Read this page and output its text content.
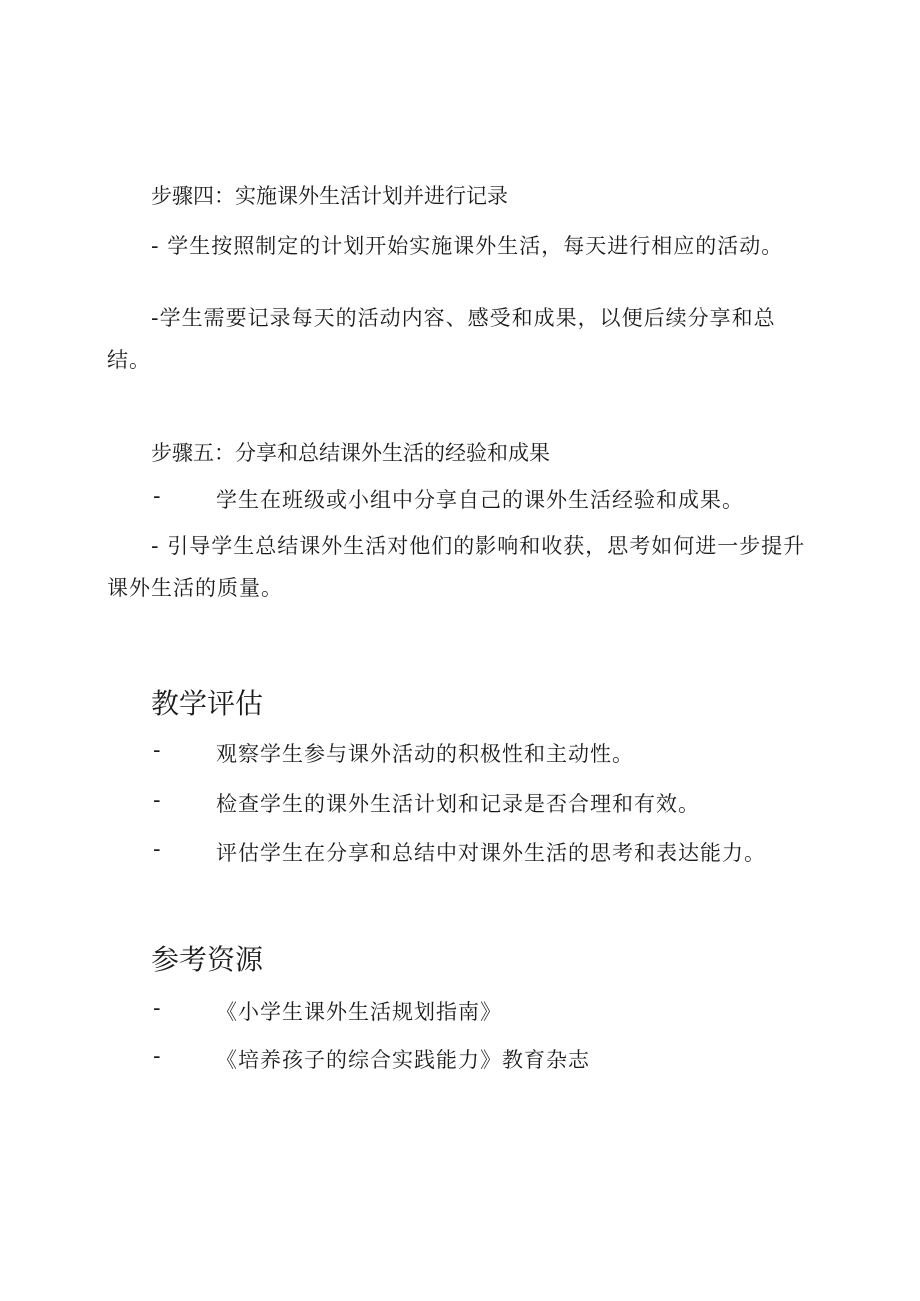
步骤四：实施课外生活计划并进行记录
- 学生按照制定的计划开始实施课外生活，每天进行相应的活动。
-学生需要记录每天的活动内容、感受和成果，以便后续分享和总结。
步骤五：分享和总结课外生活的经验和成果
-	学生在班级或小组中分享自己的课外生活经验和成果。
- 引导学生总结课外生活对他们的影响和收获，思考如何进一步提升课外生活的质量。
教学评估
-	观察学生参与课外活动的积极性和主动性。
-	检查学生的课外生活计划和记录是否合理和有效。
-	评估学生在分享和总结中对课外生活的思考和表达能力。
参考资源
-	《小学生课外生活规划指南》
-	《培养孩子的综合实践能力》教育杂志
